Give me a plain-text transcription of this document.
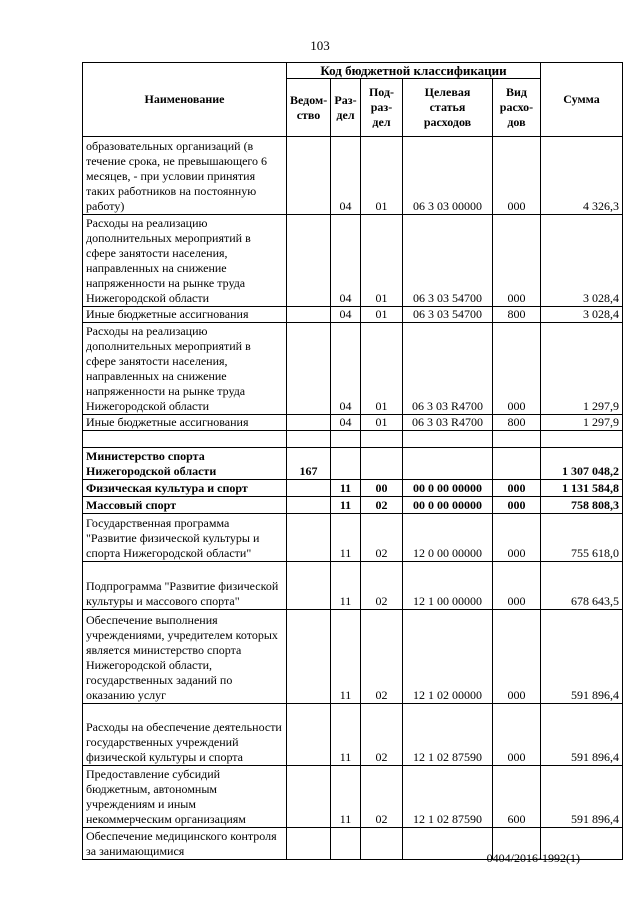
103
Наименование	Код бюджетной классификации					Сумма
	Ведом-ство	Раз-дел	Под-раз-дел	Целевая статья расходов	Вид расхо-дов	
образовательных организаций (в течение срока, не превышающего 6 месяцев, - при условии принятия таких работников на постоянную работу)		04	01	06 3 03 00000	000	4 326,3
Расходы на реализацию дополнительных мероприятий в сфере занятости населения, направленных на снижение напряженности на рынке труда Нижегородской области		04	01	06 3 03 54700	000	3 028,4
Иные бюджетные ассигнования		04	01	06 3 03 54700	800	3 028,4
Расходы на реализацию дополнительных мероприятий в сфере занятости населения, направленных на снижение напряженности на рынке труда Нижегородской области		04	01	06 3 03 R4700	000	1 297,9
Иные бюджетные ассигнования		04	01	06 3 03 R4700	800	1 297,9

Министерство спорта Нижегородской области	167					1 307 048,2
Физическая культура и спорт		11	00	00 0 00 00000	000	1 131 584,8
Массовый спорт		11	02	00 0 00 00000	000	758 808,3
Государственная программа "Развитие физической культуры и спорта Нижегородской области"		11	02	12 0 00 00000	000	755 618,0
Подпрограмма "Развитие физической культуры и массового спорта"		11	02	12 1 00 00000	000	678 643,5
Обеспечение выполнения учреждениями, учредителем которых является министерство спорта Нижегородской области, государственных заданий по оказанию услуг		11	02	12 1 02 00000	000	591 896,4
Расходы на обеспечение деятельности государственных учреждений физической культуры и спорта		11	02	12 1 02 87590	000	591 896,4
Предоставление субсидий бюджетным, автономным учреждениям и иным некоммерческим организациям		11	02	12 1 02 87590	600	591 896,4
Обеспечение медицинского контроля за занимающимися							0404/2016-1992(1)
